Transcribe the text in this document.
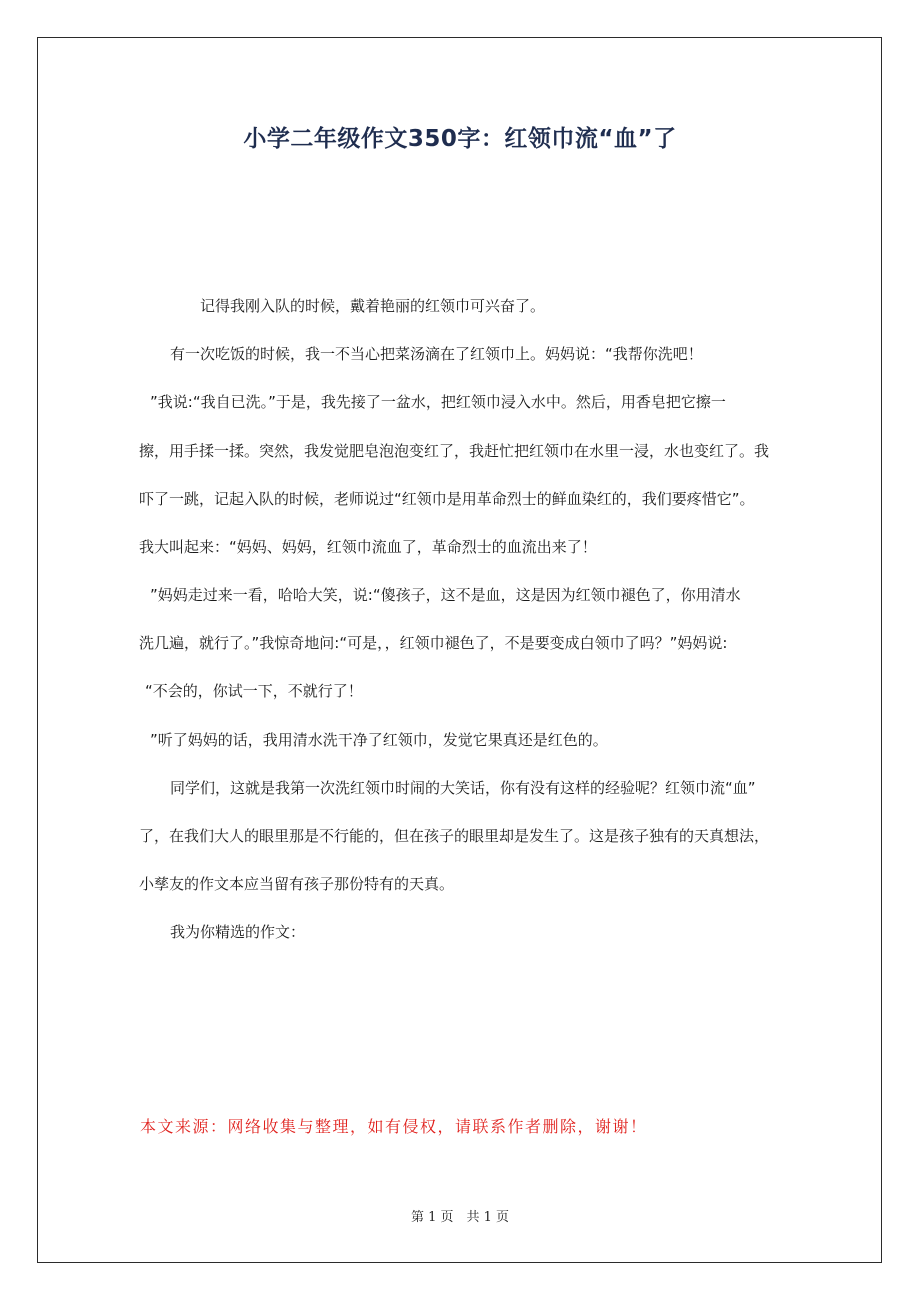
小学二年级作文350字：红领巾流“血”了
记得我刚入队的时候，戴着艳丽的红领巾可兴奋了。
有一次吃饭的时候，我一不当心把菜汤滴在了红领巾上。妈妈说：“我帮你洗吧！
”我说:“我自已洗。”于是，我先接了一盆水，把红领巾浸入水中。然后，用香皂把它擦一
擦，用手揉一揉。突然，我发觉肥皂泡泡变红了，我赶忙把红领巾在水里一浸，水也变红了。我
吓了一跳，记起入队的时候，老师说过“红领巾是用革命烈士的鲜血染红的，我们要疼惜它”。
我大叫起来：“妈妈、妈妈，红领巾流血了，革命烈士的血流出来了！
”妈妈走过来一看，哈哈大笑，说:“傻孩子，这不是血，这是因为红领巾褪色了，你用清水
洗几遍，就行了。”我惊奇地问:“可是，，红领巾褪色了，不是要变成白领巾了吗？”妈妈说:
“不会的，你试一下，不就行了！
”听了妈妈的话，我用清水洗干净了红领巾，发觉它果真还是红色的。
同学们，这就是我第一次洗红领巾时闹的大笑话，你有没有这样的经验呢？红领巾流“血”
了，在我们大人的眼里那是不行能的，但在孩子的眼里却是发生了。这是孩子独有的天真想法，
小孳友的作文本应当留有孩子那份特有的天真。
我为你精选的作文：
本文来源：网络收集与整理，如有侵权，请联系作者删除，谢谢！
第 1 页　共 1 页
